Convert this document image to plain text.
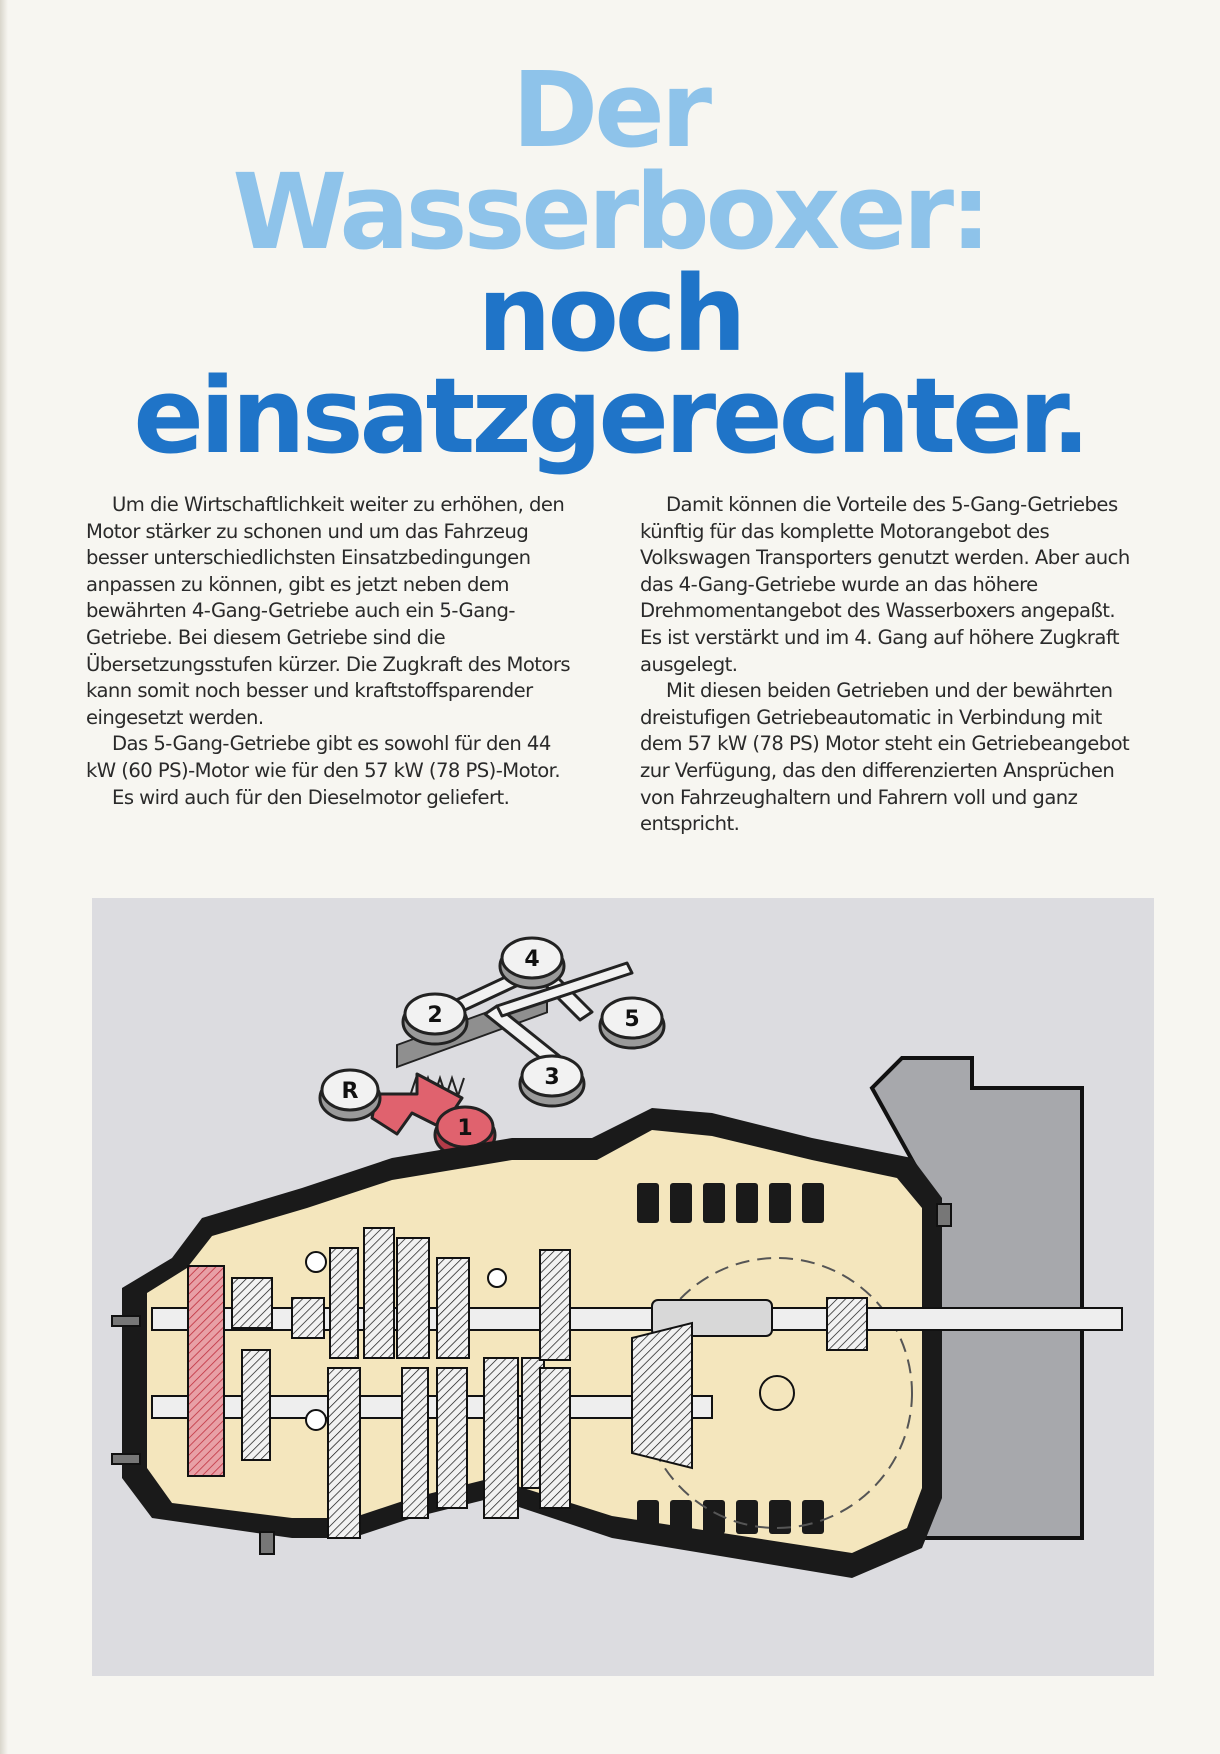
Der
Wasserboxer:
noch
einsatzgerechter.

Um die Wirtschaftlichkeit weiter zu erhöhen, den Motor stärker zu schonen und um das Fahrzeug besser unterschiedlichsten Einsatzbedingungen anpassen zu können, gibt es jetzt neben dem bewährten 4-Gang-Getriebe auch ein 5-Gang-Getriebe. Bei diesem Getriebe sind die Übersetzungsstufen kürzer. Die Zugkraft des Motors kann somit noch besser und kraftstoffsparender eingesetzt werden.

Das 5-Gang-Getriebe gibt es sowohl für den 44 kW (60 PS)-Motor wie für den 57 kW (78 PS)-Motor.

Es wird auch für den Dieselmotor geliefert.

Damit können die Vorteile des 5-Gang-Getriebes künftig für das komplette Motorangebot des Volkswagen Transporters genutzt werden. Aber auch das 4-Gang-Getriebe wurde an das höhere Drehmomentangebot des Wasserboxers angepaßt. Es ist verstärkt und im 4. Gang auf höhere Zugkraft ausgelegt.

Mit diesen beiden Getrieben und der bewährten dreistufigen Getriebeautomatic in Verbindung mit dem 57 kW (78 PS) Motor steht ein Getriebeangebot zur Verfügung, das den differenzierten Ansprüchen von Fahrzeughaltern und Fahrern voll und ganz entspricht.

4
2	5
3
R
1
